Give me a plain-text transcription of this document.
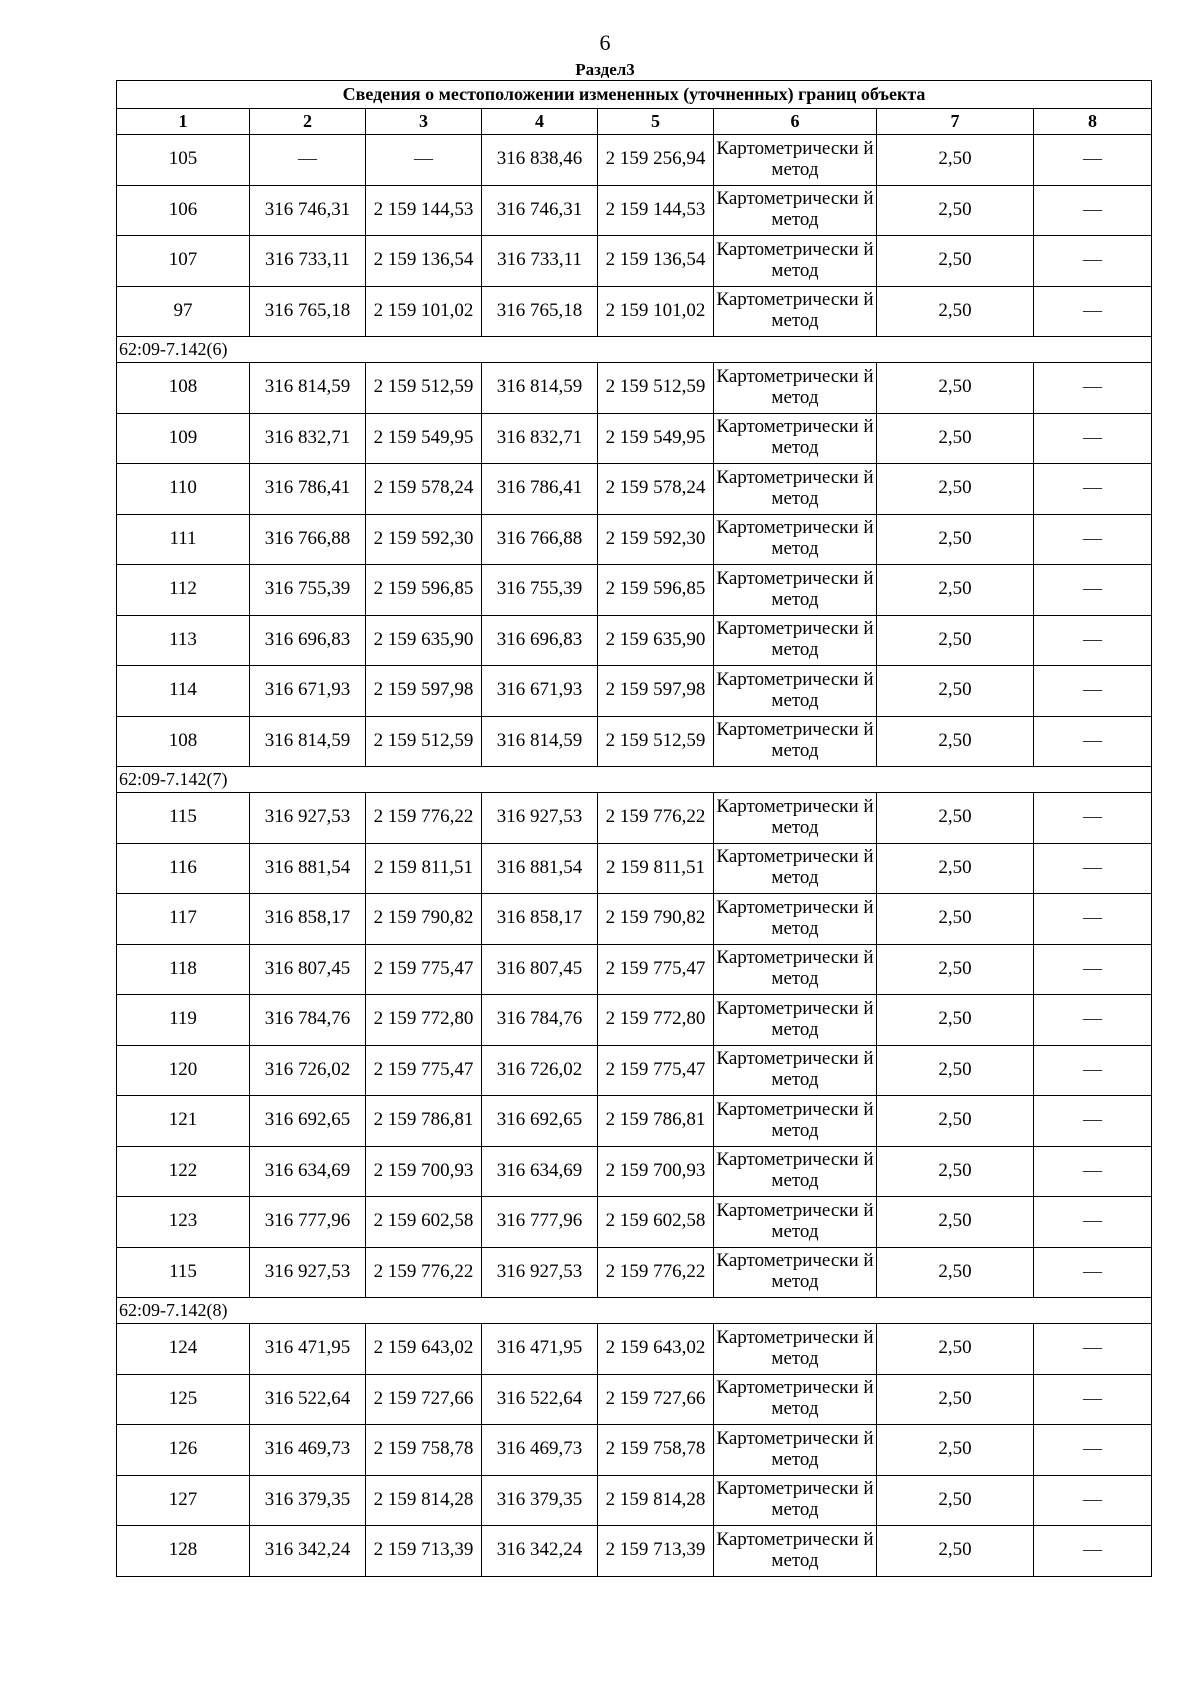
6
Раздел3
Сведения о местоположении измененных (уточненных) границ объекта							
1	2	3	4	5	6	7	8
105	—	—	316 838,46	2 159 256,94	Картометрически й метод	2,50	—
106	316 746,31	2 159 144,53	316 746,31	2 159 144,53	Картометрически й метод	2,50	—
107	316 733,11	2 159 136,54	316 733,11	2 159 136,54	Картометрически й метод	2,50	—
97	316 765,18	2 159 101,02	316 765,18	2 159 101,02	Картометрически й метод	2,50	—
62:09-7.142(6)							
108	316 814,59	2 159 512,59	316 814,59	2 159 512,59	Картометрически й метод	2,50	—
109	316 832,71	2 159 549,95	316 832,71	2 159 549,95	Картометрически й метод	2,50	—
110	316 786,41	2 159 578,24	316 786,41	2 159 578,24	Картометрически й метод	2,50	—
111	316 766,88	2 159 592,30	316 766,88	2 159 592,30	Картометрически й метод	2,50	—
112	316 755,39	2 159 596,85	316 755,39	2 159 596,85	Картометрически й метод	2,50	—
113	316 696,83	2 159 635,90	316 696,83	2 159 635,90	Картометрически й метод	2,50	—
114	316 671,93	2 159 597,98	316 671,93	2 159 597,98	Картометрически й метод	2,50	—
108	316 814,59	2 159 512,59	316 814,59	2 159 512,59	Картометрически й метод	2,50	—
62:09-7.142(7)							
115	316 927,53	2 159 776,22	316 927,53	2 159 776,22	Картометрически й метод	2,50	—
116	316 881,54	2 159 811,51	316 881,54	2 159 811,51	Картометрически й метод	2,50	—
117	316 858,17	2 159 790,82	316 858,17	2 159 790,82	Картометрически й метод	2,50	—
118	316 807,45	2 159 775,47	316 807,45	2 159 775,47	Картометрически й метод	2,50	—
119	316 784,76	2 159 772,80	316 784,76	2 159 772,80	Картометрически й метод	2,50	—
120	316 726,02	2 159 775,47	316 726,02	2 159 775,47	Картометрически й метод	2,50	—
121	316 692,65	2 159 786,81	316 692,65	2 159 786,81	Картометрически й метод	2,50	—
122	316 634,69	2 159 700,93	316 634,69	2 159 700,93	Картометрически й метод	2,50	—
123	316 777,96	2 159 602,58	316 777,96	2 159 602,58	Картометрически й метод	2,50	—
115	316 927,53	2 159 776,22	316 927,53	2 159 776,22	Картометрически й метод	2,50	—
62:09-7.142(8)							
124	316 471,95	2 159 643,02	316 471,95	2 159 643,02	Картометрически й метод	2,50	—
125	316 522,64	2 159 727,66	316 522,64	2 159 727,66	Картометрически й метод	2,50	—
126	316 469,73	2 159 758,78	316 469,73	2 159 758,78	Картометрически й метод	2,50	—
127	316 379,35	2 159 814,28	316 379,35	2 159 814,28	Картометрически й метод	2,50	—
128	316 342,24	2 159 713,39	316 342,24	2 159 713,39	Картометрически й метод	2,50	—
